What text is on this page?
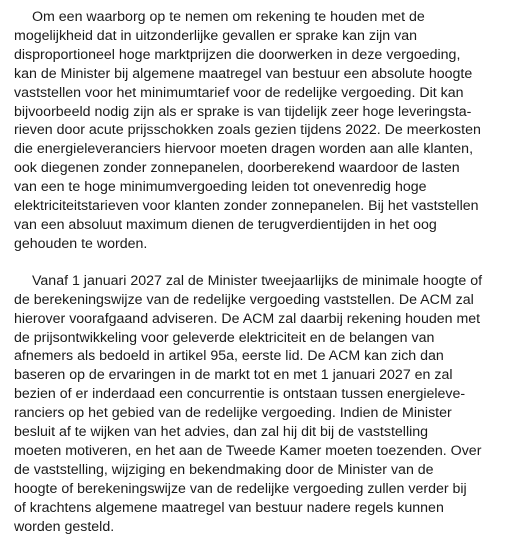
Om een waarborg op te nemen om rekening te houden met de
mogelijkheid dat in uitzonderlijke gevallen er sprake kan zijn van
disproportioneel hoge marktprijzen die doorwerken in deze vergoeding,
kan de Minister bij algemene maatregel van bestuur een absolute hoogte
vaststellen voor het minimumtarief voor de redelijke vergoeding. Dit kan
bijvoorbeeld nodig zijn als er sprake is van tijdelijk zeer hoge leveringsta-
rieven door acute prijsschokken zoals gezien tijdens 2022. De meerkosten
die energieleveranciers hiervoor moeten dragen worden aan alle klanten,
ook diegenen zonder zonnepanelen, doorberekend waardoor de lasten
van een te hoge minimumvergoeding leiden tot onevenredig hoge
elektriciteitstarieven voor klanten zonder zonnepanelen. Bij het vaststellen
van een absoluut maximum dienen de terugverdientijden in het oog
gehouden te worden.

Vanaf 1 januari 2027 zal de Minister tweejaarlijks de minimale hoogte of
de berekeningswijze van de redelijke vergoeding vaststellen. De ACM zal
hierover voorafgaand adviseren. De ACM zal daarbij rekening houden met
de prijsontwikkeling voor geleverde elektriciteit en de belangen van
afnemers als bedoeld in artikel 95a, eerste lid. De ACM kan zich dan
baseren op de ervaringen in de markt tot en met 1 januari 2027 en zal
bezien of er inderdaad een concurrentie is ontstaan tussen energieleve-
ranciers op het gebied van de redelijke vergoeding. Indien de Minister
besluit af te wijken van het advies, dan zal hij dit bij de vaststelling
moeten motiveren, en het aan de Tweede Kamer moeten toezenden. Over
de vaststelling, wijziging en bekendmaking door de Minister van de
hoogte of berekeningswijze van de redelijke vergoeding zullen verder bij
of krachtens algemene maatregel van bestuur nadere regels kunnen
worden gesteld.
